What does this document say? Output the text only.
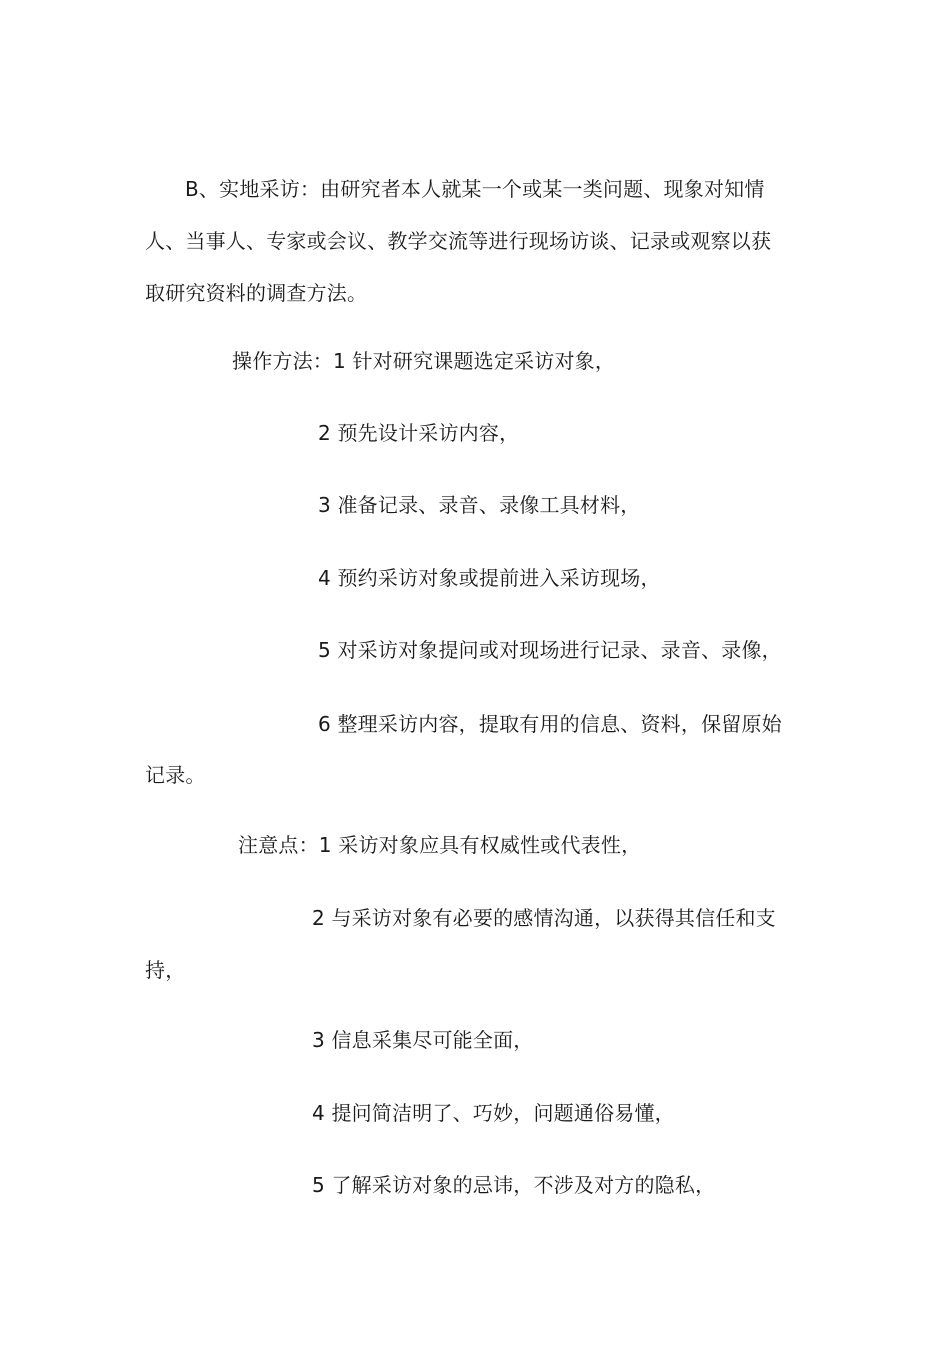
B、实地采访：由研究者本人就某一个或某一类问题、现象对知情
人、当事人、专家或会议、教学交流等进行现场访谈、记录或观察以获
取研究资料的调查方法。
操作方法：1 针对研究课题选定采访对象，
2 预先设计采访内容，
3 准备记录、录音、录像工具材料，
4 预约采访对象或提前进入采访现场，
5 对采访对象提问或对现场进行记录、录音、录像，
6 整理采访内容，提取有用的信息、资料，保留原始
记录。
注意点：1 采访对象应具有权威性或代表性，
2 与采访对象有必要的感情沟通，以获得其信任和支
持，
3 信息采集尽可能全面，
4 提问简洁明了、巧妙，问题通俗易懂，
5 了解采访对象的忌讳，不涉及对方的隐私，
